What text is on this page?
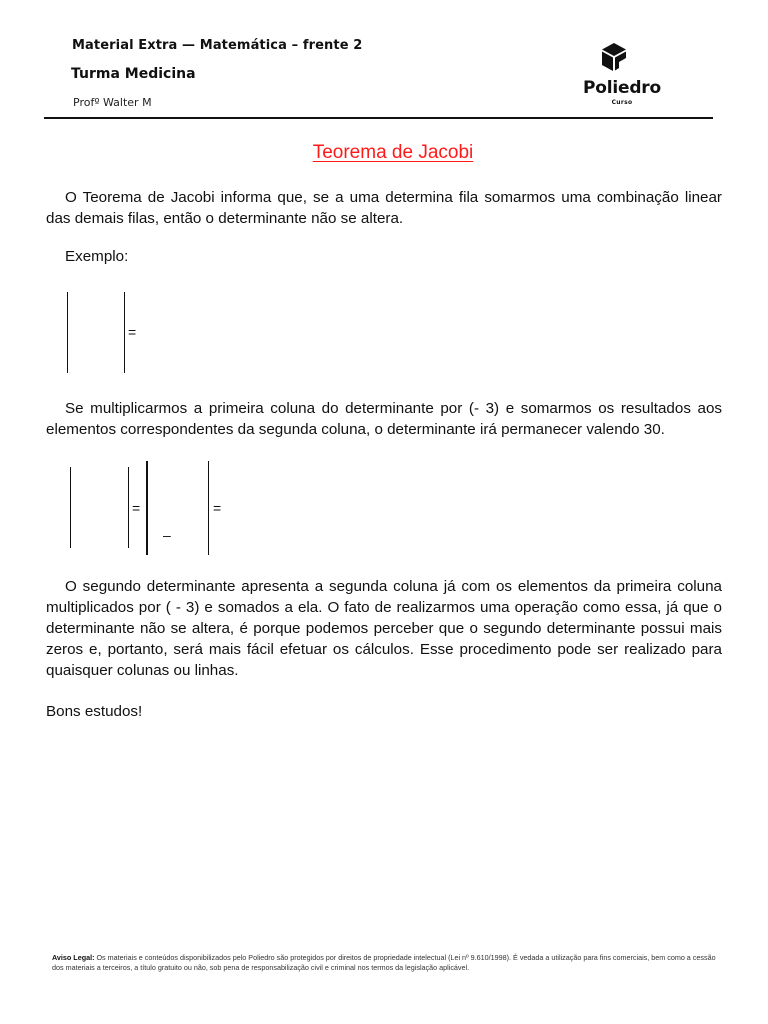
Material Extra — Matemática – frente 2
Turma Medicina
Profº Walter M
Poliedro
Curso
Teorema de Jacobi
O Teorema de Jacobi informa que, se a uma determina fila somarmos uma combinação linear das demais filas, então o determinante não se altera.
Exemplo:
=
Se multiplicarmos a primeira coluna do determinante por (- 3) e somarmos os resultados aos elementos correspondentes da segunda coluna, o determinante irá permanecer valendo 30.
=
–
=
O segundo determinante apresenta a segunda coluna já com os elementos da primeira coluna multiplicados por ( - 3) e somados a ela. O fato de realizarmos uma operação como essa, já que o determinante não se altera, é porque podemos perceber que o segundo determinante possui mais zeros e, portanto, será mais fácil efetuar os cálculos. Esse procedimento pode ser realizado para quaisquer colunas ou linhas.
Bons estudos!
Aviso Legal: Os materiais e conteúdos disponibilizados pelo Poliedro são protegidos por direitos de propriedade intelectual (Lei nº 9.610/1998). É vedada a utilização para fins comerciais, bem como a cessão dos materiais a terceiros, a título gratuito ou não, sob pena de responsabilização civil e criminal nos termos da legislação aplicável.
